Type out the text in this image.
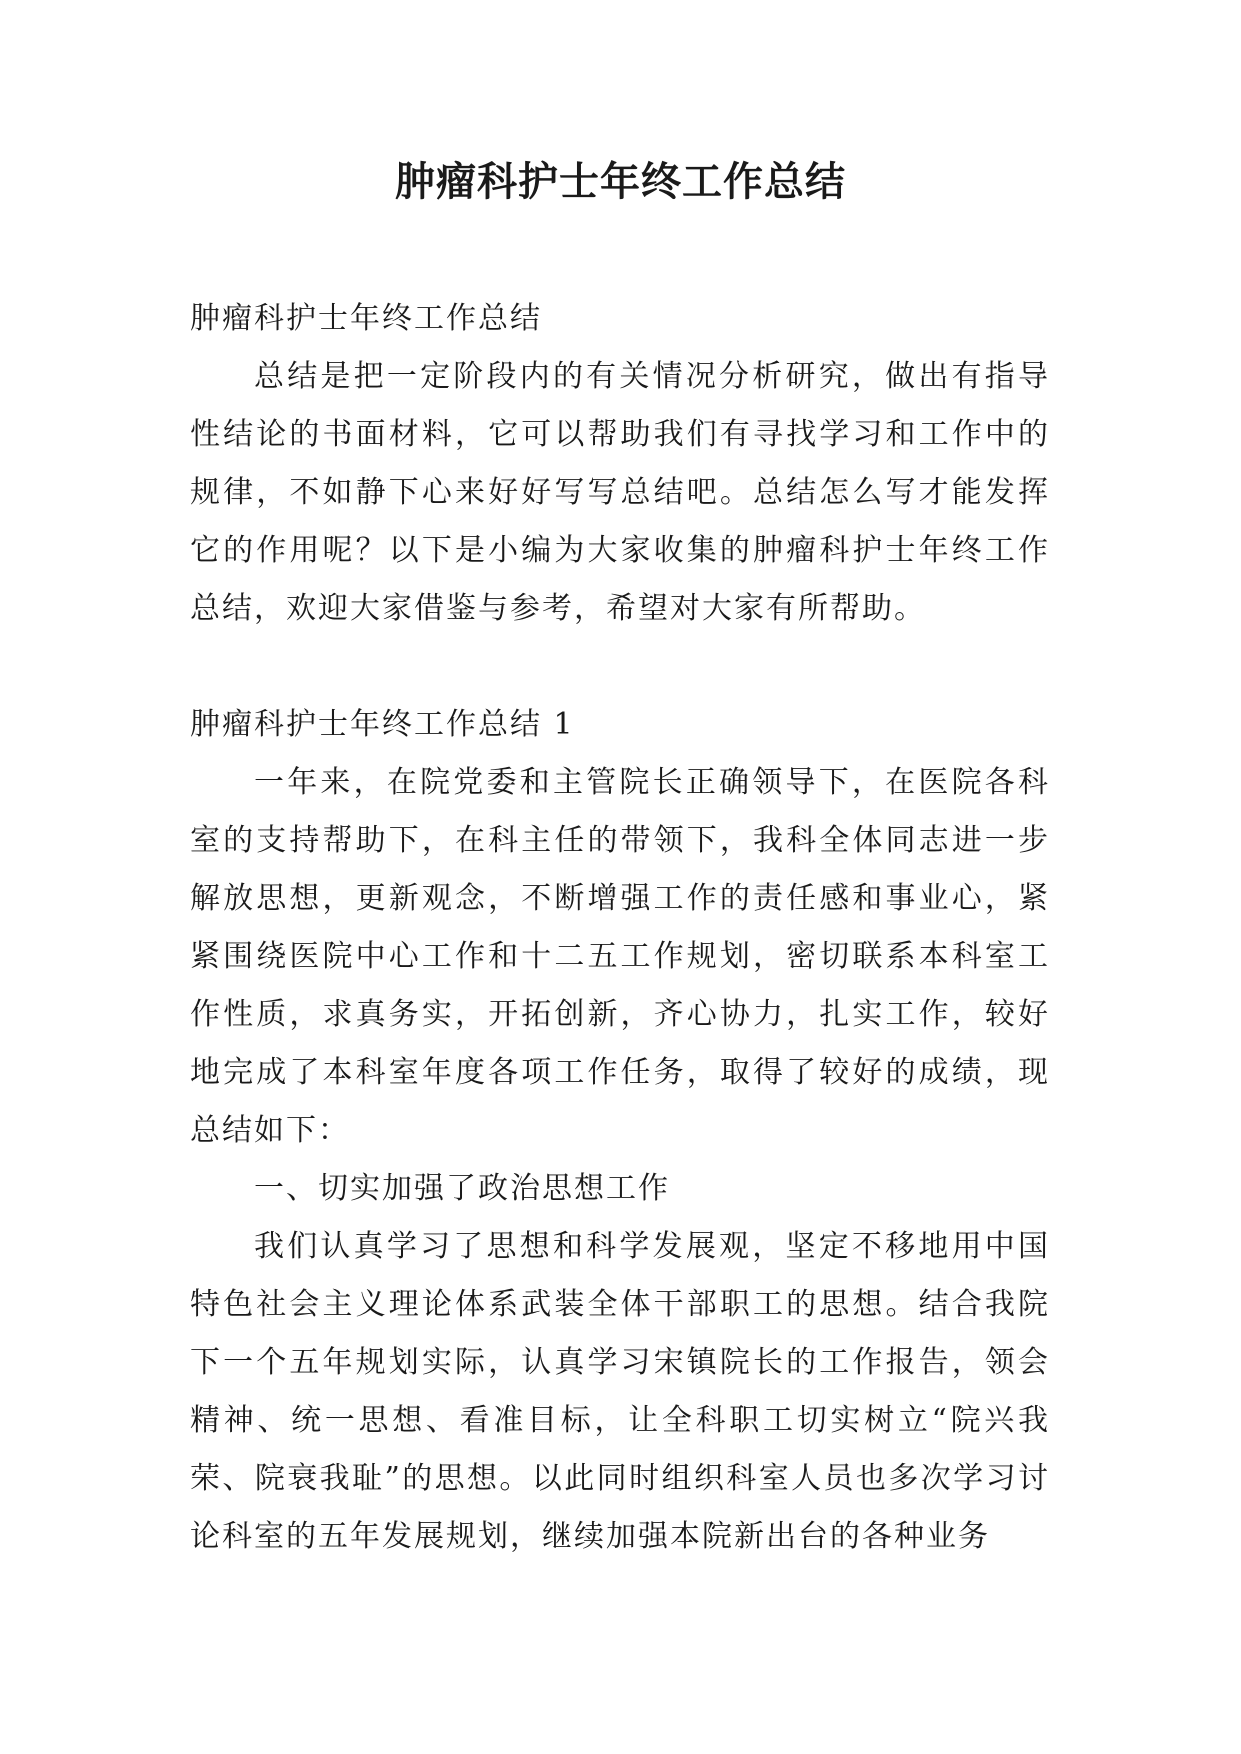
肿瘤科护士年终工作总结

肿瘤科护士年终工作总结

总结是把一定阶段内的有关情况分析研究，做出有指导性结论的书面材料，它可以帮助我们有寻找学习和工作中的规律，不如静下心来好好写写总结吧。总结怎么写才能发挥它的作用呢？以下是小编为大家收集的肿瘤科护士年终工作总结，欢迎大家借鉴与参考，希望对大家有所帮助。

肿瘤科护士年终工作总结 1

一年来，在院党委和主管院长正确领导下，在医院各科室的支持帮助下，在科主任的带领下，我科全体同志进一步解放思想，更新观念，不断增强工作的责任感和事业心，紧紧围绕医院中心工作和十二五工作规划，密切联系本科室工作性质，求真务实，开拓创新，齐心协力，扎实工作，较好地完成了本科室年度各项工作任务，取得了较好的成绩，现总结如下：

一、切实加强了政治思想工作

我们认真学习了思想和科学发展观，坚定不移地用中国特色社会主义理论体系武装全体干部职工的思想。结合我院下一个五年规划实际，认真学习宋镇院长的工作报告，领会精神、统一思想、看准目标，让全科职工切实树立“院兴我荣、院衰我耻”的思想。以此同时组织科室人员也多次学习讨论科室的五年发展规划，继续加强本院新出台的各种业务
